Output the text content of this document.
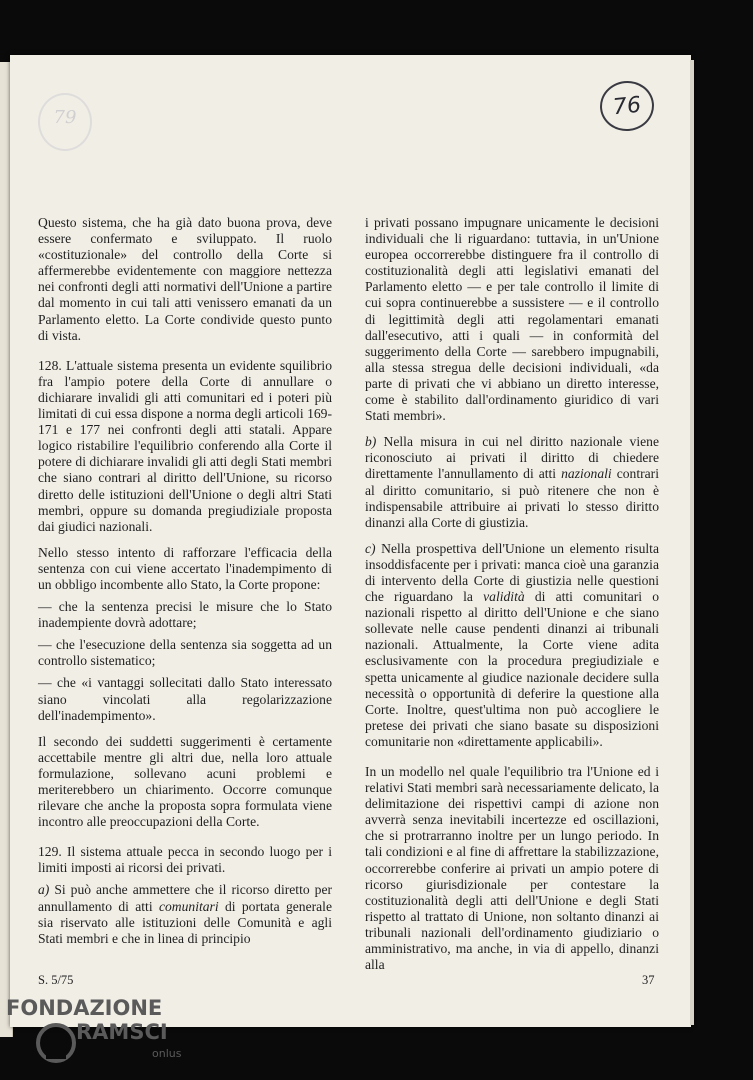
79	76

Questo sistema, che ha già dato buona prova, deve essere confermato e sviluppato. Il ruolo «costituzionale» del controllo della Corte si affermerebbe evidentemente con maggiore nettezza nei confronti degli atti normativi dell'Unione a partire dal momento in cui tali atti venissero emanati da un Parlamento eletto. La Corte condivide questo punto di vista.

128. L'attuale sistema presenta un evidente squilibrio fra l'ampio potere della Corte di annullare o dichiarare invalidi gli atti comunitari ed i poteri più limitati di cui essa dispone a norma degli articoli 169-171 e 177 nei confronti degli atti statali. Appare logico ristabilire l'equilibrio conferendo alla Corte il potere di dichiarare invalidi gli atti degli Stati membri che siano contrari al diritto dell'Unione, su ricorso diretto delle istituzioni dell'Unione o degli altri Stati membri, oppure su domanda pregiudiziale proposta dai giudici nazionali.

Nello stesso intento di rafforzare l'efficacia della sentenza con cui viene accertato l'inadempimento di un obbligo incombente allo Stato, la Corte propone:

— che la sentenza precisi le misure che lo Stato inadempiente dovrà adottare;

— che l'esecuzione della sentenza sia soggetta ad un controllo sistematico;

— che «i vantaggi sollecitati dallo Stato interessato siano vincolati alla regolarizzazione dell'inadempimento».

Il secondo dei suddetti suggerimenti è certamente accettabile mentre gli altri due, nella loro attuale formulazione, sollevano acuni problemi e meriterebbero un chiarimento. Occorre comunque rilevare che anche la proposta sopra formulata viene incontro alle preoccupazioni della Corte.

129. Il sistema attuale pecca in secondo luogo per i limiti imposti ai ricorsi dei privati.

a) Si può anche ammettere che il ricorso diretto per annullamento di atti comunitari di portata generale sia riservato alle istituzioni delle Comunità e agli Stati membri e che in linea di principio

i privati possano impugnare unicamente le decisioni individuali che li riguardano: tuttavia, in un'Unione europea occorrerebbe distinguere fra il controllo di costituzionalità degli atti legislativi emanati del Parlamento eletto — e per tale controllo il limite di cui sopra continuerebbe a sussistere — e il controllo di legittimità degli atti regolamentari emanati dall'esecutivo, atti i quali — in conformità del suggerimento della Corte — sarebbero impugnabili, alla stessa stregua delle decisioni individuali, «da parte di privati che vi abbiano un diretto interesse, come è stabilito dall'ordinamento giuridico di vari Stati membri».

b) Nella misura in cui nel diritto nazionale viene riconosciuto ai privati il diritto di chiedere direttamente l'annullamento di atti nazionali contrari al diritto comunitario, si può ritenere che non è indispensabile attribuire ai privati lo stesso diritto dinanzi alla Corte di giustizia.

c) Nella prospettiva dell'Unione un elemento risulta insoddisfacente per i privati: manca cioè una garanzia di intervento della Corte di giustizia nelle questioni che riguardano la validità di atti comunitari o nazionali rispetto al diritto dell'Unione e che siano sollevate nelle cause pendenti dinanzi ai tribunali nazionali. Attualmente, la Corte viene adita esclusivamente con la procedura pregiudiziale e spetta unicamente al giudice nazionale decidere sulla necessità o opportunità di deferire la questione alla Corte. Inoltre, quest'ultima non può accogliere le pretese dei privati che siano basate su disposizioni comunitarie non «direttamente applicabili».

In un modello nel quale l'equilibrio tra l'Unione ed i relativi Stati membri sarà necessariamente delicato, la delimitazione dei rispettivi campi di azione non avverrà senza inevitabili incertezze ed oscillazioni, che si protrarranno inoltre per un lungo periodo. In tali condizioni e al fine di affrettare la stabilizzazione, occorrerebbe conferire ai privati un ampio potere di ricorso giurisdizionale per contestare la costituzionalità degli atti dell'Unione e degli Stati rispetto al trattato di Unione, non soltanto dinanzi ai tribunali nazionali dell'ordinamento giudiziario o amministrativo, ma anche, in via di appello, dinanzi alla

S. 5/75	37
FONDAZIONE
RAMSCI
onlus
